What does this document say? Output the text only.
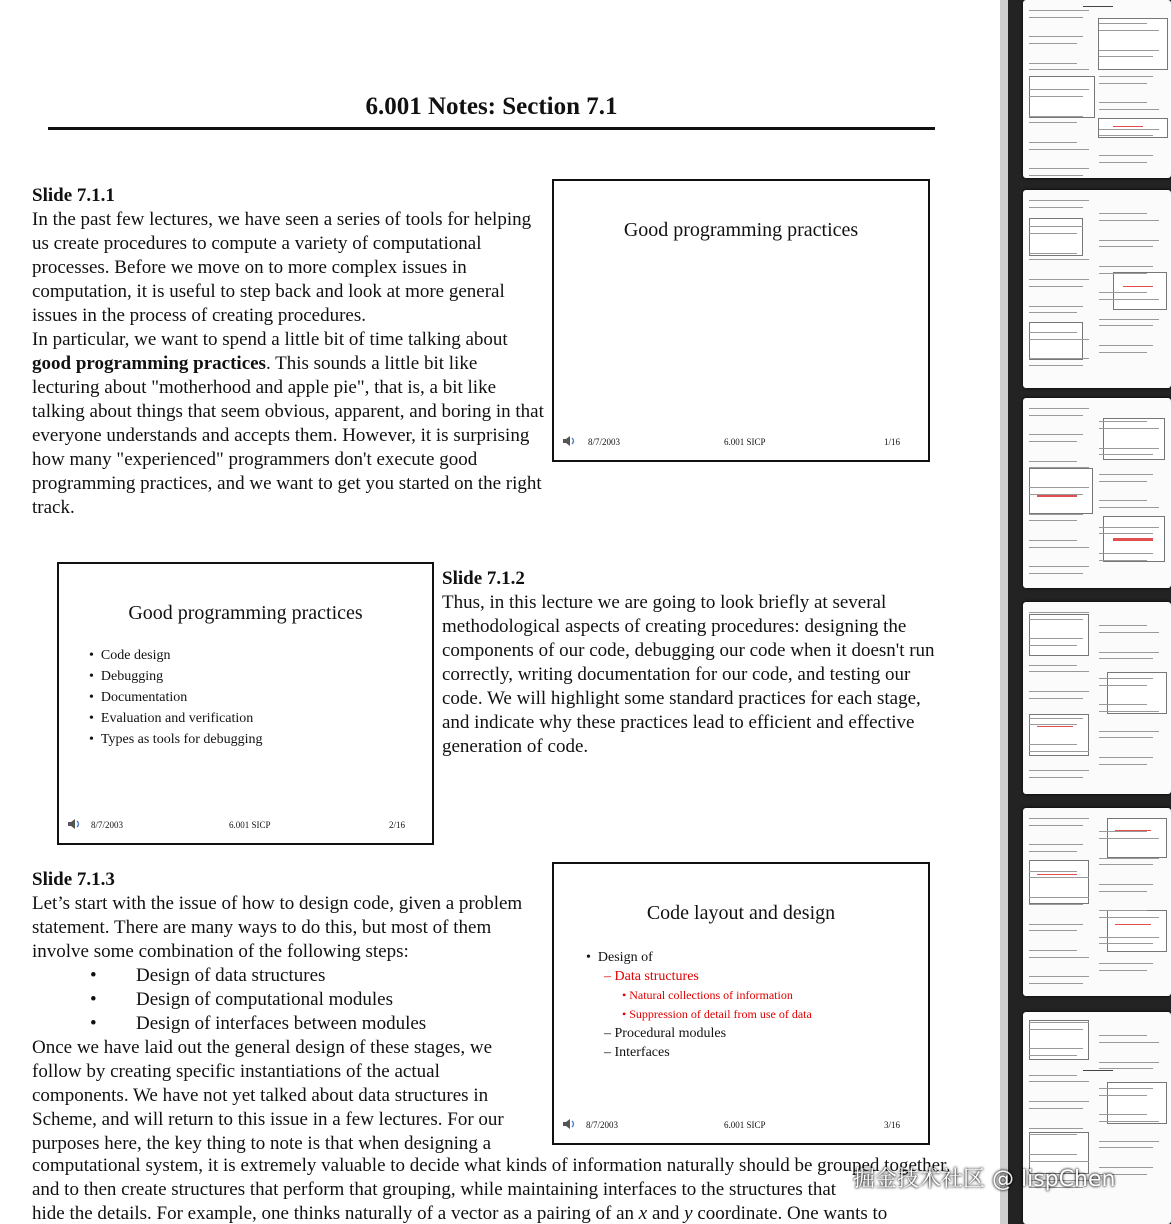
6.001 Notes: Section 7.1
Slide 7.1.1

In the past few lectures, we have seen a series of tools for helping us create procedures to compute a variety of computational processes. Before we move on to more complex issues in computation, it is useful to step back and look at more general issues in the process of creating procedures.

In particular, we want to spend a little bit of time talking about good programming practices. This sounds a little bit like lecturing about "motherhood and apple pie", that is, a bit like talking about things that seem obvious, apparent, and boring in that everyone understands and accepts them. However, it is surprising how many "experienced" programmers don't execute good programming practices, and we want to get you started on the right track.

Good programming practices
8/7/2003	6.001 SICP	1/16
Good programming practices
• Code design
• Debugging
• Documentation
• Evaluation and verification
• Types as tools for debugging
8/7/2003	6.001 SICP	2/16
Slide 7.1.2

Thus, in this lecture we are going to look briefly at several methodological aspects of creating procedures: designing the components of our code, debugging our code when it doesn't run correctly, writing documentation for our code, and testing our code. We will highlight some standard practices for each stage, and indicate why these practices lead to efficient and effective generation of code.

Slide 7.1.3

Let’s start with the issue of how to design code, given a problem statement. There are many ways to do this, but most of them involve some combination of the following steps:

• Design of data structures
• Design of computational modules
• Design of interfaces between modules

Once we have laid out the general design of these stages, we follow by creating specific instantiations of the actual components. We have not yet talked about data structures in Scheme, and will return to this issue in a few lectures. For our purposes here, the key thing to note is that when designing a

computational system, it is extremely valuable to decide what kinds of information naturally should be grouped together, and to then create structures that perform that grouping, while maintaining interfaces to the structures that

hide the details. For example, one thinks naturally of a vector as a pairing of an x and y coordinate. One wants to

Code layout and design
• Design of
– Data structures
• Natural collections of information
• Suppression of detail from use of data
– Procedural modules
– Interfaces
8/7/2003	6.001 SICP	3/16
掘金技术社区 @ lispChen
